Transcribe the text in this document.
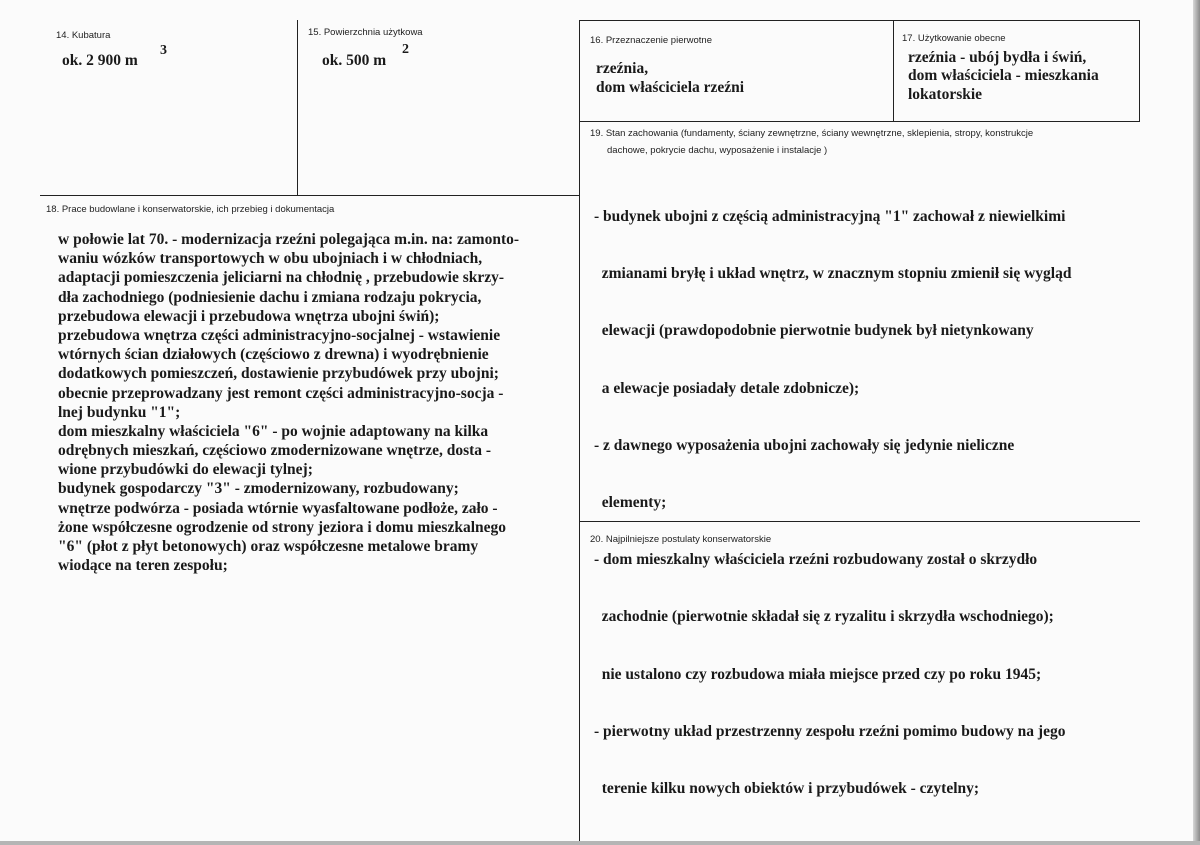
14. Kubatura
ok. 2 900 m
3
15. Powierzchnia użytkowa
ok. 500 m
2
16. Przeznaczenie pierwotne
rzeźnia,
dom właściciela rzeźni
17. Użytkowanie obecne
rzeźnia - ubój bydła i świń,
dom właściciela - mieszkania
lokatorskie
18. Prace budowlane i konserwatorskie, ich przebieg i dokumentacja
w połowie lat 70. - modernizacja rzeźni polegająca m.in. na: zamonto-
waniu wózków transportowych w obu ubojniach i w chłodniach,
adaptacji pomieszczenia jeliciarni na chłodnię , przebudowie skrzy-
dła zachodniego (podniesienie dachu i zmiana rodzaju pokrycia,
przebudowa elewacji i przebudowa wnętrza ubojni świń);
przebudowa wnętrza części administracyjno-socjalnej - wstawienie
wtórnych ścian działowych (częściowo z drewna) i wyodrębnienie
dodatkowych pomieszczeń, dostawienie przybudówek przy ubojni;
obecnie przeprowadzany jest remont części administracyjno-socja -
lnej budynku "1";
dom mieszkalny właściciela "6" - po wojnie adaptowany na kilka
odrębnych mieszkań, częściowo zmodernizowane wnętrze, dosta -
wione przybudówki do elewacji tylnej;
budynek gospodarczy "3" - zmodernizowany, rozbudowany;
wnętrze podwórza - posiada wtórnie wyasfaltowane podłoże, zało -
żone współczesne ogrodzenie od strony jeziora i domu mieszkalnego
"6" (płot z płyt betonowych) oraz współczesne metalowe bramy
wiodące na teren zespołu;
19. Stan zachowania (fundamenty, ściany zewnętrzne, ściany wewnętrzne, sklepienia, stropy, konstrukcje
dachowe, pokrycie dachu, wyposażenie i instalacje )

- budynek ubojni z częścią administracyjną "1" zachował z niewielkimi

zmianami bryłę i układ wnętrz, w znacznym stopniu zmienił się wygląd

elewacji (prawdopodobnie pierwotnie budynek był nietynkowany

a elewacje posiadały detale zdobnicze);

- z dawnego wyposażenia ubojni zachowały się jedynie nieliczne

elementy;

- dom mieszkalny właściciela rzeźni rozbudowany został o skrzydło

zachodnie (pierwotnie składał się z ryzalitu i skrzydła wschodniego);

nie ustalono czy rozbudowa miała miejsce przed czy po roku 1945;

- pierwotny układ przestrzenny zespołu rzeźni pomimo budowy na jego

terenie kilku nowych obiektów i przybudówek - czytelny;

20. Najpilniejsze postulaty konserwatorskie
